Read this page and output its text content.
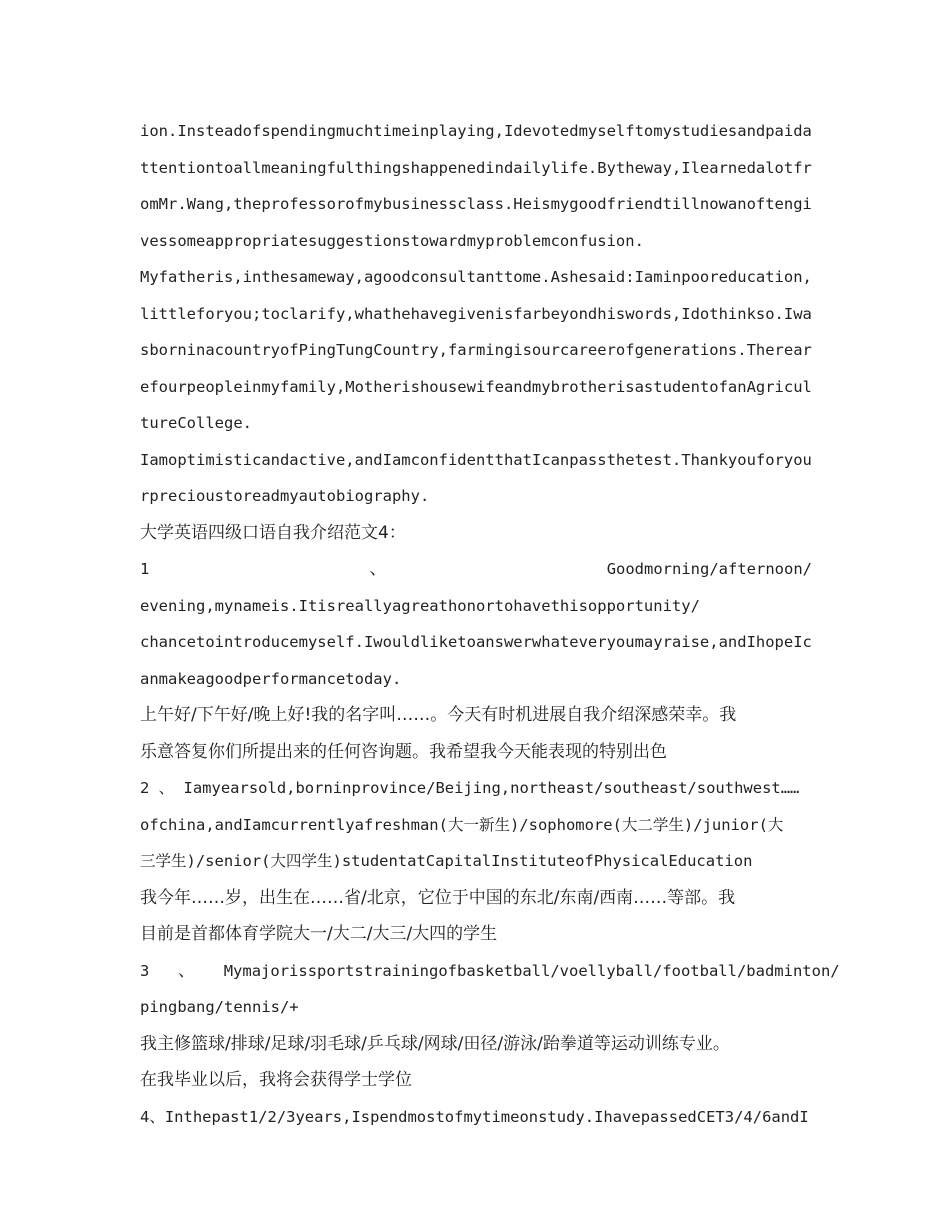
ion.Insteadofspendingmuchtimeinplaying,Idevotedmyselftomystudiesandpaida
ttentiontoallmeaningfulthingshappenedindailylife.Bytheway,Ilearnedalotfr
omMr.Wang,theprofessorofmybusinessclass.Heismygoodfriendtillnowanoftengi
vessomeappropriatesuggestionstowardmyproblemconfusion.
Myfatheris,inthesameway,agoodconsultanttome.Ashesaid:Iaminpooreducation,
littleforyou;toclarify,whathehavegivenisfarbeyondhiswords,Idothinkso.Iwa
sborninacountryofPingTungCountry,farmingisourcareerofgenerations.Therear
efourpeopleinmyfamily,MotherishousewifeandmybrotherisastudentofanAgricul
tureCollege.
Iamoptimisticandactive,andIamconfidentthatIcanpassthetest.Thankyouforyou
rprecioustoreadmyautobiography.
大学英语四级口语自我介绍范文4：
1	、	Goodmorning/afternoon/
evening,mynameis.Itisreallyagreathonortohavethisopportunity/
chancetointroducemyself.Iwouldliketoanswerwhateveryoumayraise,andIhopeIc
anmakeagoodperformancetoday.
上午好/下午好/晚上好!我的名字叫……。今天有时机进展自我介绍深感荣幸。我
乐意答复你们所提出来的任何咨询题。我希望我今天能表现的特别出色
2 、 Iamyearsold,borninprovince/Beijing,northeast/southeast/southwest……
ofchina,andIamcurrentlyafreshman(大一新生)/sophomore(大二学生)/junior(大
三学生)/senior(大四学生)studentatCapitalInstituteofPhysicalEducation
我今年……岁，出生在……省/北京，它位于中国的东北/东南/西南……等部。我
目前是首都体育学院大一/大二/大三/大四的学生
3 、 Mymajorissportstrainingofbasketball/voellyball/football/badminton/
pingbang/tennis/+
我主修篮球/排球/足球/羽毛球/乒乓球/网球/田径/游泳/跆拳道等运动训练专业。
在我毕业以后，我将会获得学士学位
4、Inthepast1/2/3years,Ispendmostofmytimeonstudy.IhavepassedCET3/4/6andI
